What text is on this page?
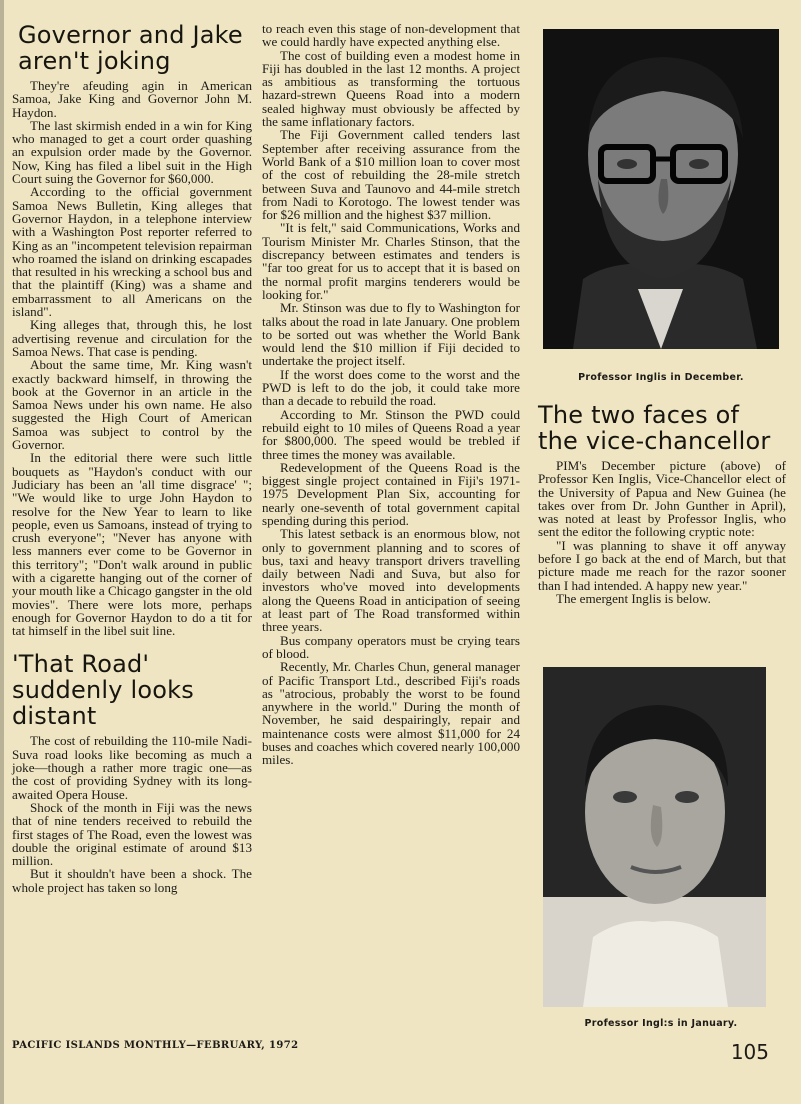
Governor and Jake aren't joking

They're afeuding agin in American Samoa, Jake King and Governor John M. Haydon.

The last skirmish ended in a win for King who managed to get a court order quashing an expulsion order made by the Governor. Now, King has filed a libel suit in the High Court suing the Governor for $60,000.

According to the official government Samoa News Bulletin, King alleges that Governor Haydon, in a telephone interview with a Washington Post reporter referred to King as an "incompetent television repairman who roamed the island on drinking escapades that resulted in his wrecking a school bus and that the plaintiff (King) was a shame and embarrassment to all Americans on the island".

King alleges that, through this, he lost advertising revenue and circulation for the Samoa News. That case is pending.

About the same time, Mr. King wasn't exactly backward himself, in throwing the book at the Governor in an article in the Samoa News under his own name. He also suggested the High Court of American Samoa was subject to control by the Governor.

In the editorial there were such little bouquets as "Haydon's conduct with our Judiciary has been an 'all time disgrace' "; "We would like to urge John Haydon to resolve for the New Year to learn to like people, even us Samoans, instead of trying to crush everyone"; "Never has anyone with less manners ever come to be Governor in this territory"; "Don't walk around in public with a cigarette hanging out of the corner of your mouth like a Chicago gangster in the old movies". There were lots more, perhaps enough for Governor Haydon to do a tit for tat himself in the libel suit line.

'That Road' suddenly looks distant

The cost of rebuilding the 110-mile Nadi-Suva road looks like becoming as much a joke—though a rather more tragic one—as the cost of providing Sydney with its long-awaited Opera House.

Shock of the month in Fiji was the news that of nine tenders received to rebuild the first stages of The Road, even the lowest was double the original estimate of around $13 million.

But it shouldn't have been a shock. The whole project has taken so long

to reach even this stage of non-development that we could hardly have expected anything else.

The cost of building even a modest home in Fiji has doubled in the last 12 months. A project as ambitious as transforming the tortuous hazard-strewn Queens Road into a modern sealed highway must obviously be affected by the same inflationary factors.

The Fiji Government called tenders last September after receiving assurance from the World Bank of a $10 million loan to cover most of the cost of rebuilding the 28-mile stretch between Suva and Taunovo and 44-mile stretch from Nadi to Korotogo. The lowest tender was for $26 million and the highest $37 million.

"It is felt," said Communications, Works and Tourism Minister Mr. Charles Stinson, that the discrepancy between estimates and tenders is "far too great for us to accept that it is based on the normal profit margins tenderers would be looking for."

Mr. Stinson was due to fly to Washington for talks about the road in late January. One problem to be sorted out was whether the World Bank would lend the $10 million if Fiji decided to undertake the project itself.

If the worst does come to the worst and the PWD is left to do the job, it could take more than a decade to rebuild the road.

According to Mr. Stinson the PWD could rebuild eight to 10 miles of Queens Road a year for $800,000. The speed would be trebled if three times the money was available.

Redevelopment of the Queens Road is the biggest single project contained in Fiji's 1971-1975 Development Plan Six, accounting for nearly one-seventh of total government capital spending during this period.

This latest setback is an enormous blow, not only to government planning and to scores of bus, taxi and heavy transport drivers travelling daily between Nadi and Suva, but also for investors who've moved into developments along the Queens Road in anticipation of seeing at least part of The Road transformed within three years.

Bus company operators must be crying tears of blood.

Recently, Mr. Charles Chun, general manager of Pacific Transport Ltd., described Fiji's roads as "atrocious, probably the worst to be found anywhere in the world." During the month of November, he said despairingly, repair and maintenance costs were almost $11,000 for 24 buses and coaches which covered nearly 100,000 miles.

Professor Inglis in December.
The two faces of the vice-chancellor

PIM's December picture (above) of Professor Ken Inglis, Vice-Chancellor elect of the University of Papua and New Guinea (he takes over from Dr. John Gunther in April), was noted at least by Professor Inglis, who sent the editor the following cryptic note:

"I was planning to shave it off anyway before I go back at the end of March, but that picture made me reach for the razor sooner than I had intended. A happy new year."

The emergent Inglis is below.

Professor Ingl:s in January.
PACIFIC ISLANDS MONTHLY—FEBRUARY, 1972	105
